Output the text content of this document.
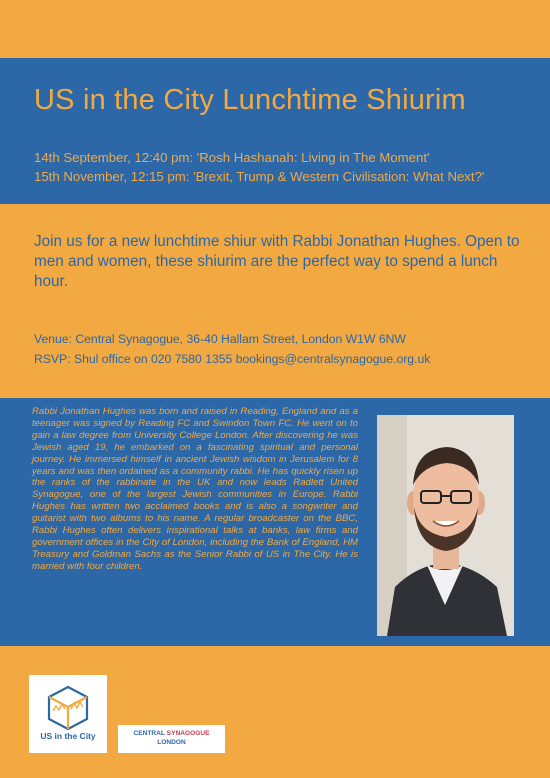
US in the City Lunchtime Shiurim
14th September, 12:40 pm: 'Rosh Hashanah: Living in The Moment'
15th November, 12:15 pm: 'Brexit, Trump & Western Civilisation: What Next?'

Join us for a new lunchtime shiur with Rabbi Jonathan Hughes. Open to men and women, these shiurim are the perfect way to spend a lunch hour.

Venue: Central Synagogue, 36-40 Hallam Street, London W1W 6NW
RSVP: Shul office on 020 7580 1355 bookings@centralsynagogue.org.uk

Rabbi Jonathan Hughes was born and raised in Reading, England and as a teenager was signed by Reading FC and Swindon Town FC. He went on to gain a law degree from University College London. After discovering he was Jewish aged 19, he embarked on a fascinating spiritual and personal journey. He immersed himself in ancient Jewish wisdom in Jerusalem for 8 years and was then ordained as a community rabbi. He has quickly risen up the ranks of the rabbinate in the UK and now leads Radlett United Synagogue, one of the largest Jewish communities in Europe. Rabbi Hughes has written two acclaimed books and is also a songwriter and guitarist with two albums to his name. A regular broadcaster on the BBC, Rabbi Hughes often delivers inspirational talks at banks, law firms and government offices in the City of London, including the Bank of England, HM Treasury and Goldman Sachs as the Senior Rabbi of US in The City. He is married with four children.

US in the City	CENTRAL SYNAGOGUE
LONDON
